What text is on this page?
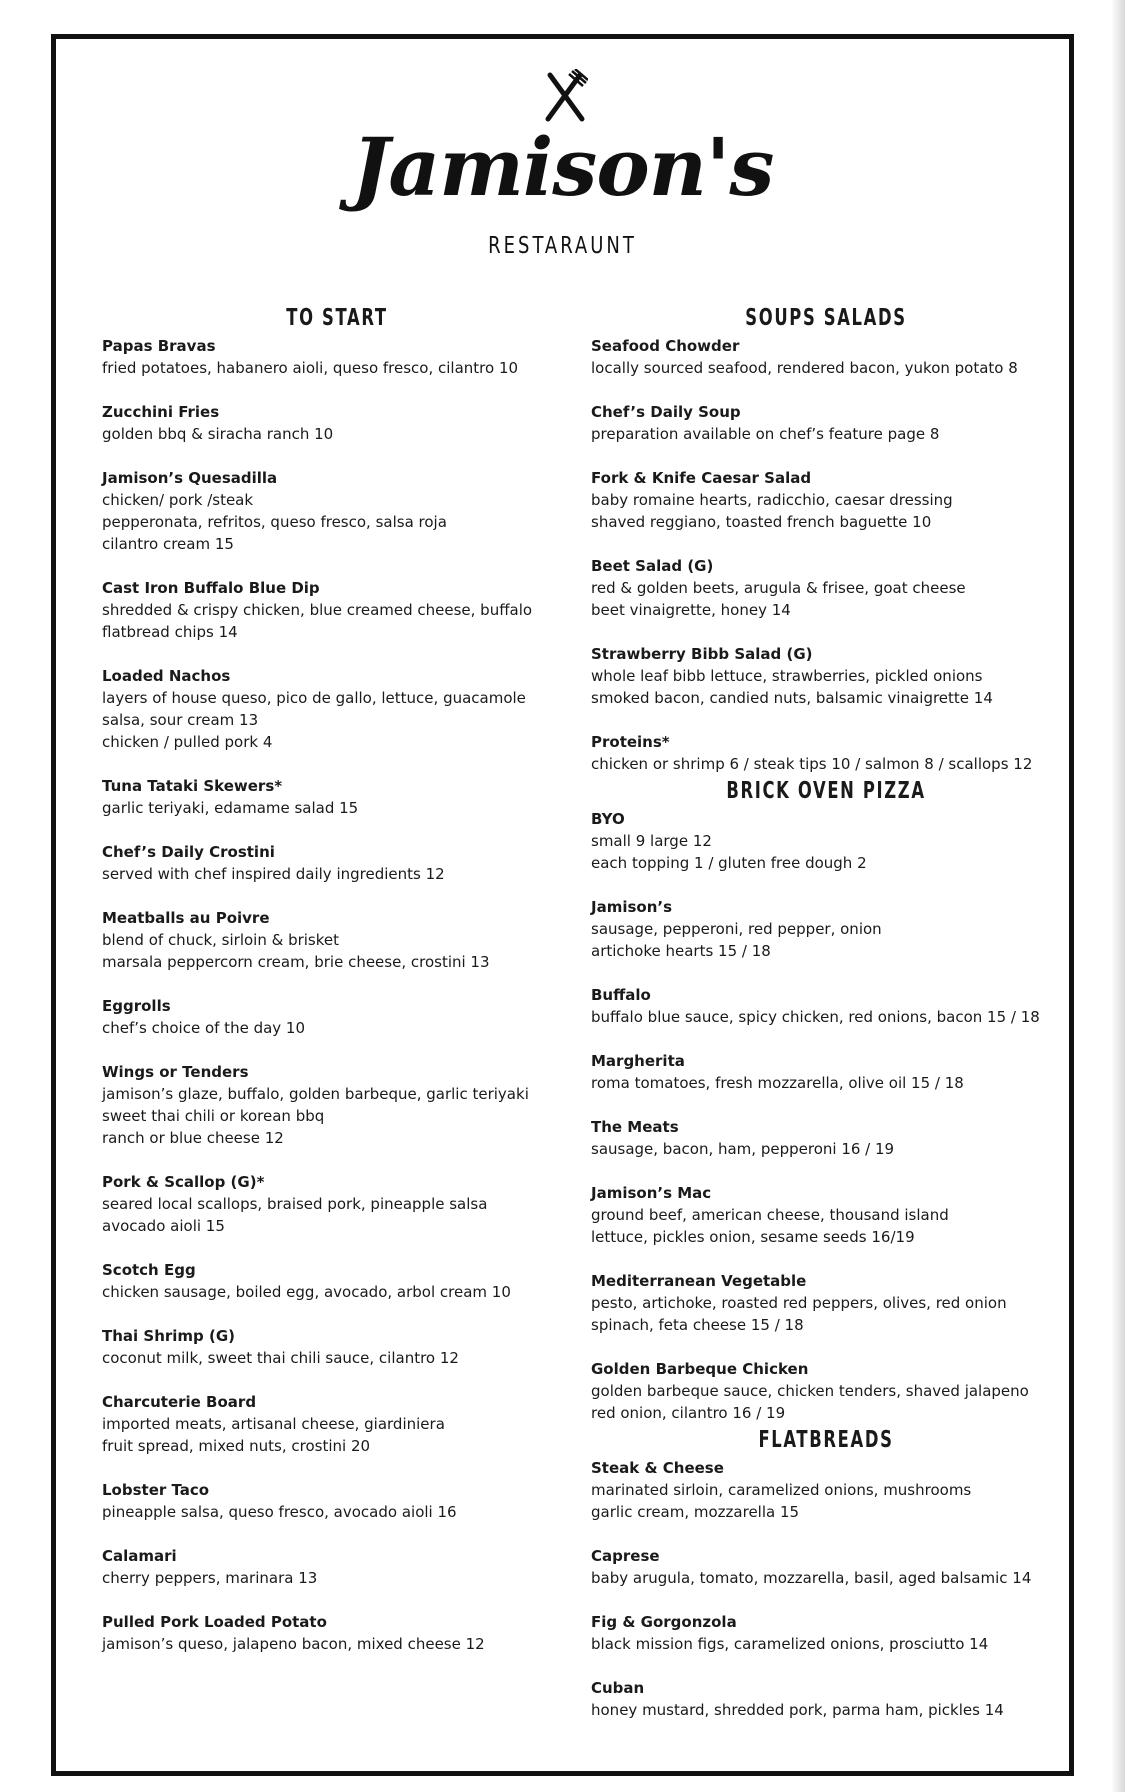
Jamison's
RESTARAUNT
TO START
Papas Bravas
fried potatoes, habanero aioli, queso fresco, cilantro 10
Zucchini Fries
golden bbq & siracha ranch 10
Jamison’s Quesadilla
chicken/ pork /steak
pepperonata, refritos, queso fresco, salsa roja
cilantro cream 15
Cast Iron Buffalo Blue Dip
shredded & crispy chicken, blue creamed cheese, buffalo
flatbread chips 14
Loaded Nachos
layers of house queso, pico de gallo, lettuce, guacamole
salsa, sour cream 13
chicken / pulled pork 4
Tuna Tataki Skewers*
garlic teriyaki, edamame salad 15
Chef’s Daily Crostini
served with chef inspired daily ingredients 12
Meatballs au Poivre
blend of chuck, sirloin & brisket
marsala peppercorn cream, brie cheese, crostini 13
Eggrolls
chef’s choice of the day 10
Wings or Tenders
jamison’s glaze, buffalo, golden barbeque, garlic teriyaki
sweet thai chili or korean bbq
ranch or blue cheese 12
Pork & Scallop (G)*
seared local scallops, braised pork, pineapple salsa
avocado aioli 15
Scotch Egg
chicken sausage, boiled egg, avocado, arbol cream 10
Thai Shrimp (G)
coconut milk, sweet thai chili sauce, cilantro 12
Charcuterie Board
imported meats, artisanal cheese, giardiniera
fruit spread, mixed nuts, crostini 20
Lobster Taco
pineapple salsa, queso fresco, avocado aioli 16
Calamari
cherry peppers, marinara 13
Pulled Pork Loaded Potato
jamison’s queso, jalapeno bacon, mixed cheese 12
SOUPS SALADS
Seafood Chowder
locally sourced seafood, rendered bacon, yukon potato 8
Chef’s Daily Soup
preparation available on chef’s feature page 8
Fork & Knife Caesar Salad
baby romaine hearts, radicchio, caesar dressing
shaved reggiano, toasted french baguette 10
Beet Salad (G)
red & golden beets, arugula & frisee, goat cheese
beet vinaigrette, honey 14
Strawberry Bibb Salad (G)
whole leaf bibb lettuce, strawberries, pickled onions
smoked bacon, candied nuts, balsamic vinaigrette 14
Proteins*
chicken or shrimp 6 / steak tips 10 / salmon 8 / scallops 12
BRICK OVEN PIZZA
BYO
small 9 large 12
each topping 1 / gluten free dough 2
Jamison’s
sausage, pepperoni, red pepper, onion
artichoke hearts 15 / 18
Buffalo
buffalo blue sauce, spicy chicken, red onions, bacon 15 / 18
Margherita
roma tomatoes, fresh mozzarella, olive oil 15 / 18
The Meats
sausage, bacon, ham, pepperoni 16 / 19
Jamison’s Mac
ground beef, american cheese, thousand island
lettuce, pickles onion, sesame seeds 16/19
Mediterranean Vegetable
pesto, artichoke, roasted red peppers, olives, red onion
spinach, feta cheese 15 / 18
Golden Barbeque Chicken
golden barbeque sauce, chicken tenders, shaved jalapeno
red onion, cilantro 16 / 19
FLATBREADS
Steak & Cheese
marinated sirloin, caramelized onions, mushrooms
garlic cream, mozzarella 15
Caprese
baby arugula, tomato, mozzarella, basil, aged balsamic 14
Fig & Gorgonzola
black mission figs, caramelized onions, prosciutto 14
Cuban
honey mustard, shredded pork, parma ham, pickles 14
